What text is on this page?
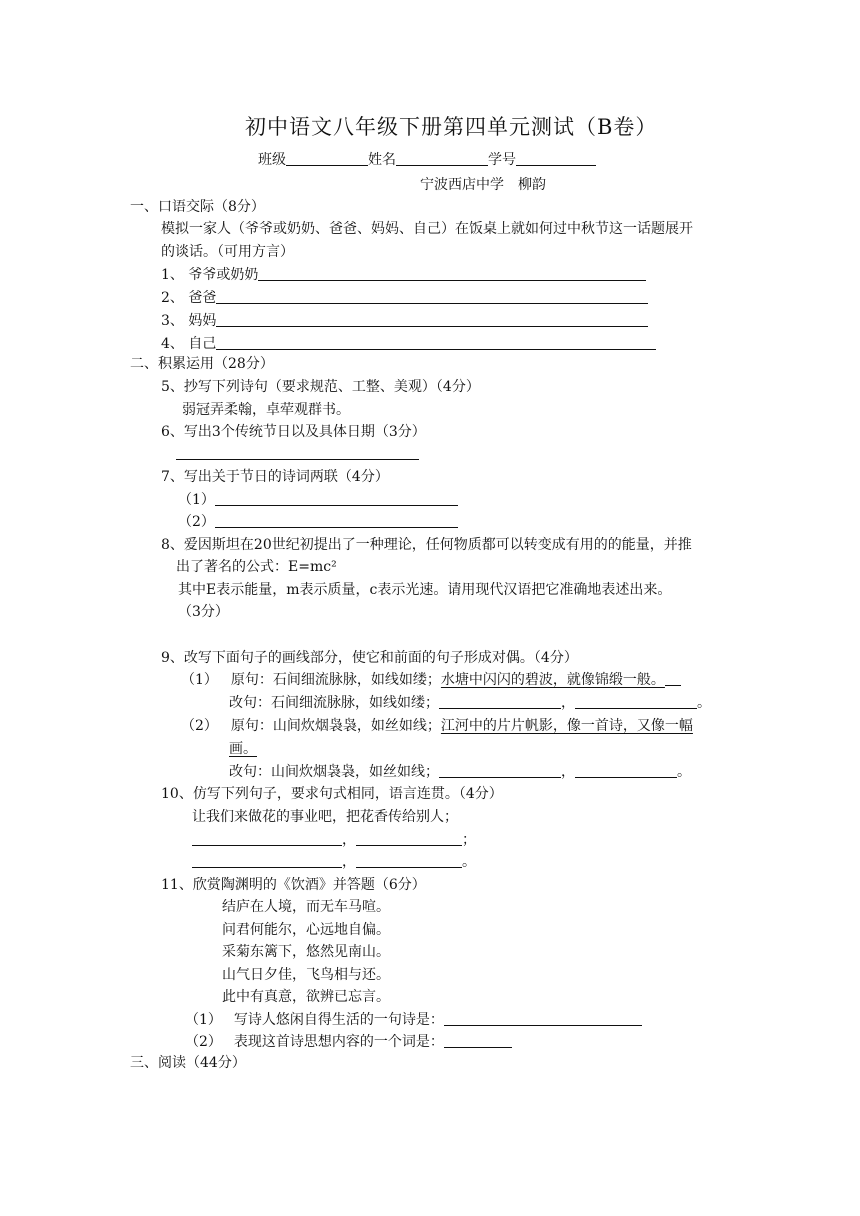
初中语文八年级下册第四单元测试（B卷）
班级	姓名	学号
宁波西店中学　柳韵
一、口语交际（8分）
模拟一家人（爷爷或奶奶、爸爸、妈妈、自己）在饭桌上就如何过中秋节这一话题展开
的谈话。（可用方言）
1、 爷爷或奶奶
2、 爸爸
3、 妈妈
4、 自己
二、积累运用（28分）
5、抄写下列诗句（要求规范、工整、美观）（4分）
弱冠弄柔翰，卓荦观群书。
6、写出3个传统节日以及具体日期（3分）
7、写出关于节日的诗词两联（4分）
（1）
（2）
8、爱因斯坦在20世纪初提出了一种理论，任何物质都可以转变成有用的的能量，并推
出了著名的公式：E=mc²
其中E表示能量，m表示质量，c表示光速。请用现代汉语把它准确地表述出来。
（3分）
9、改写下面句子的画线部分，使它和前面的句子形成对偶。（4分）
（1） 原句：石间细流脉脉，如线如缕；水塘中闪闪的碧波，就像锦缎一般。
改句：石间细流脉脉，如线如缕；	，	。
（2） 原句：山间炊烟袅袅，如丝如线；江河中的片片帆影，像一首诗，又像一幅
画。
改句：山间炊烟袅袅，如丝如线；	，	。
10、仿写下列句子，要求句式相同，语言连贯。（4分）
让我们来做花的事业吧，把花香传给别人；
，	；
，	。
11、欣赏陶渊明的《饮酒》并答题（6分）
结庐在人境，而无车马喧。
问君何能尔，心远地自偏。
采菊东篱下，悠然见南山。
山气日夕佳，飞鸟相与还。
此中有真意，欲辨已忘言。
（1） 写诗人悠闲自得生活的一句诗是：
（2） 表现这首诗思想内容的一个词是：
三、阅读（44分）
